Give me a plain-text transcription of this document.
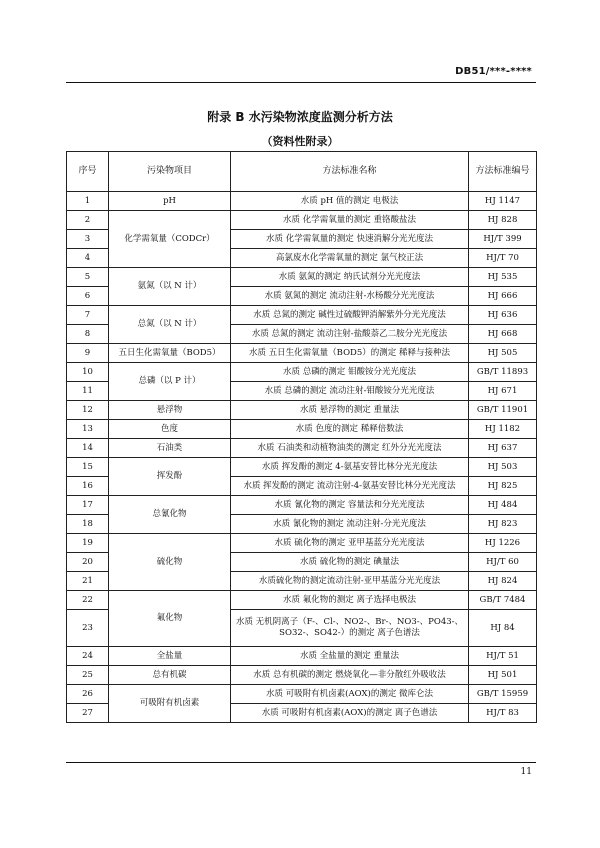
DB51/***-****
附录 B 水污染物浓度监测分析方法
（资料性附录）
序号	污染物项目	方法标准名称	方法标准编号
1	pH	水质 pH 值的测定 电极法	HJ 1147
2	化学需氧量（CODCr）	水质 化学需氧量的测定 重铬酸盐法	HJ 828
3		水质 化学需氧量的测定 快速消解分光光度法	HJ/T 399
4		高氯废水化学需氧量的测定 氯气校正法	HJ/T 70
5	氨氮（以 N 计）	水质 氨氮的测定 纳氏试剂分光光度法	HJ 535
6		水质 氨氮的测定 流动注射-水杨酸分光光度法	HJ 666
7	总氮（以 N 计）	水质 总氮的测定 碱性过硫酸钾消解紫外分光光度法	HJ 636
8		水质 总氮的测定 流动注射-盐酸萘乙二胺分光光度法	HJ 668
9	五日生化需氧量（BOD5）	水质 五日生化需氧量（BOD5）的测定 稀释与接种法	HJ 505
10	总磷（以 P 计）	水质 总磷的测定 钼酸铵分光光度法	GB/T 11893
11		水质 总磷的测定 流动注射-钼酸铵分光光度法	HJ 671
12	悬浮物	水质 悬浮物的测定 重量法	GB/T 11901
13	色度	水质 色度的测定 稀释倍数法	HJ 1182
14	石油类	水质 石油类和动植物油类的测定 红外分光光度法	HJ 637
15	挥发酚	水质 挥发酚的测定 4-氨基安替比林分光光度法	HJ 503
16		水质 挥发酚的测定 流动注射-4-氨基安替比林分光光度法	HJ 825
17	总氰化物	水质 氰化物的测定 容量法和分光光度法	HJ 484
18		水质 氰化物的测定 流动注射-分光光度法	HJ 823
19	硫化物	水质 硫化物的测定 亚甲基蓝分光光度法	HJ 1226
20		水质 硫化物的测定 碘量法	HJ/T 60
21		水质硫化物的测定流动注射-亚甲基蓝分光光度法	HJ 824
22	氟化物	水质 氟化物的测定 离子选择电极法	GB/T 7484
23		水质 无机阴离子（F-、Cl-、NO2-、Br-、NO3-、PO43-、SO32-、SO42-）的测定 离子色谱法	HJ 84
24	全盐量	水质 全盐量的测定 重量法	HJ/T 51
25	总有机碳	水质 总有机碳的测定 燃烧氧化—非分散红外吸收法	HJ 501
26	可吸附有机卤素	水质 可吸附有机卤素(AOX)的测定 微库仑法	GB/T 15959
27		水质 可吸附有机卤素(AOX)的测定 离子色谱法	HJ/T 83
11
